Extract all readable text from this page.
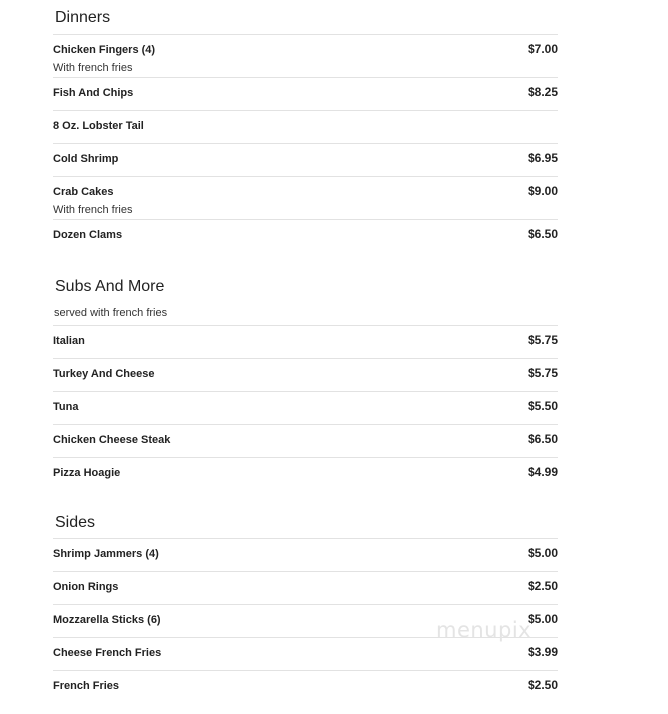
Dinners
Chicken Fingers (4)	$7.00
With french fries
Fish And Chips	$8.25
8 Oz. Lobster Tail
Cold Shrimp	$6.95
Crab Cakes	$9.00
With french fries
Dozen Clams	$6.50
Subs And More
served with french fries
Italian	$5.75
Turkey And Cheese	$5.75
Tuna	$5.50
Chicken Cheese Steak	$6.50
Pizza Hoagie	$4.99
Sides
Shrimp Jammers (4)	$5.00
Onion Rings	$2.50
Mozzarella Sticks (6)	$5.00
Cheese French Fries	$3.99
French Fries	$2.50
menupix
